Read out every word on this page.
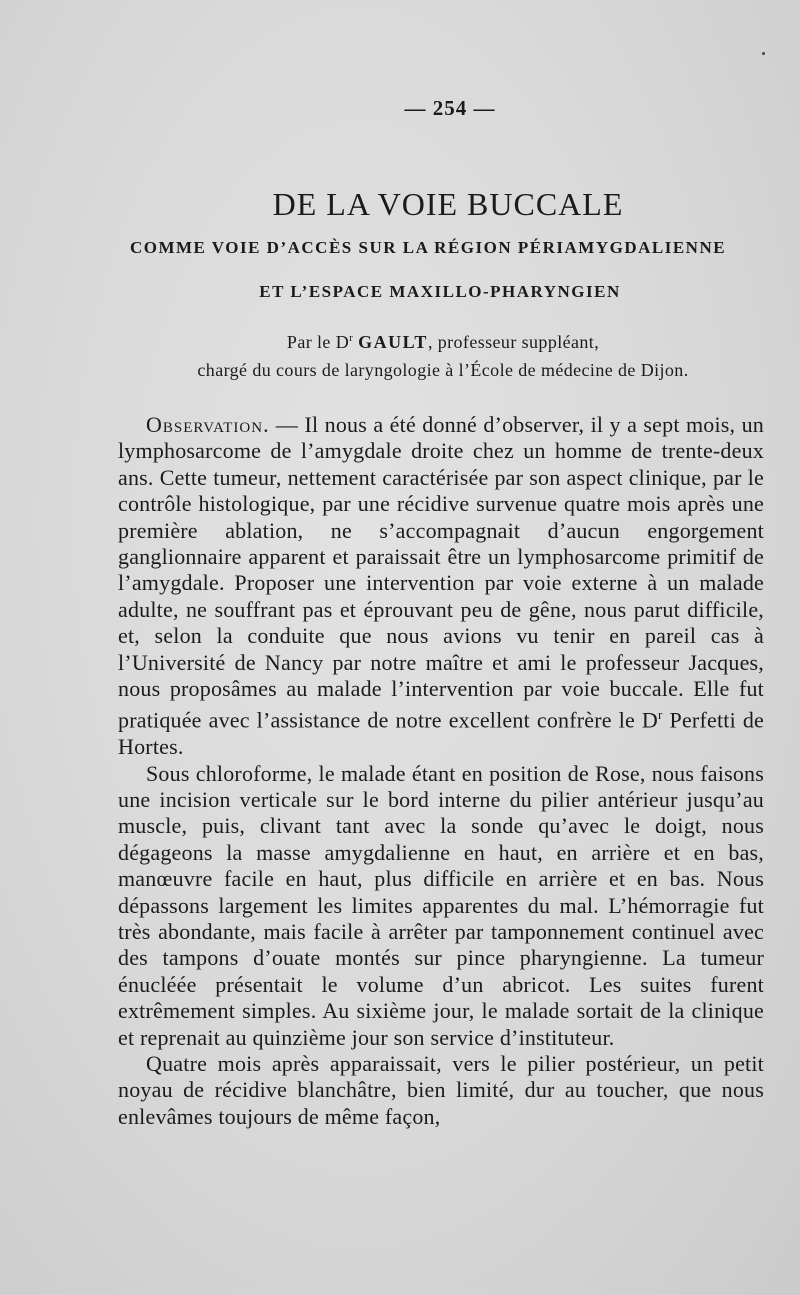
— 254 —
DE LA VOIE BUCCALE
COMME VOIE D’ACCÈS SUR LA RÉGION PÉRIAMYGDALIENNE
ET L’ESPACE MAXILLO-PHARYNGIEN
Par le $D^r$ GAULT, professeur suppléant,
chargé du cours de laryngologie à l’École de médecine de Dijon.

Observation. — Il nous a été donné d’observer, il y a sept mois, un lymphosarcome de l’amygdale droite chez un homme de trente-deux ans. Cette tumeur, nettement caractérisée par son aspect clinique, par le contrôle histologique, par une récidive survenue quatre mois après une première ablation, ne s’accompagnait d’aucun engorgement ganglionnaire apparent et paraissait être un lymphosarcome primitif de l’amygdale. Proposer une intervention par voie externe à un malade adulte, ne souffrant pas et éprouvant peu de gêne, nous parut difficile, et, selon la conduite que nous avions vu tenir en pareil cas à l’Université de Nancy par notre maître et ami le professeur Jacques, nous proposâmes au malade l’intervention par voie buccale. Elle fut pratiquée avec l’assistance de notre excellent confrère le $D^r$ Perfetti de Hortes.

Sous chloroforme, le malade étant en position de Rose, nous faisons une incision verticale sur le bord interne du pilier antérieur jusqu’au muscle, puis, clivant tant avec la sonde qu’avec le doigt, nous dégageons la masse amygdalienne en haut, en arrière et en bas, manœuvre facile en haut, plus difficile en arrière et en bas. Nous dépassons largement les limites apparentes du mal. L’hémorragie fut très abondante, mais facile à arrêter par tamponnement continuel avec des tampons d’ouate montés sur pince pharyngienne. La tumeur énucléée présentait le volume d’un abricot. Les suites furent extrêmement simples. Au sixième jour, le malade sortait de la clinique et reprenait au quinzième jour son service d’instituteur.

Quatre mois après apparaissait, vers le pilier postérieur, un petit noyau de récidive blanchâtre, bien limité, dur au toucher, que nous enlevâmes toujours de même façon,
